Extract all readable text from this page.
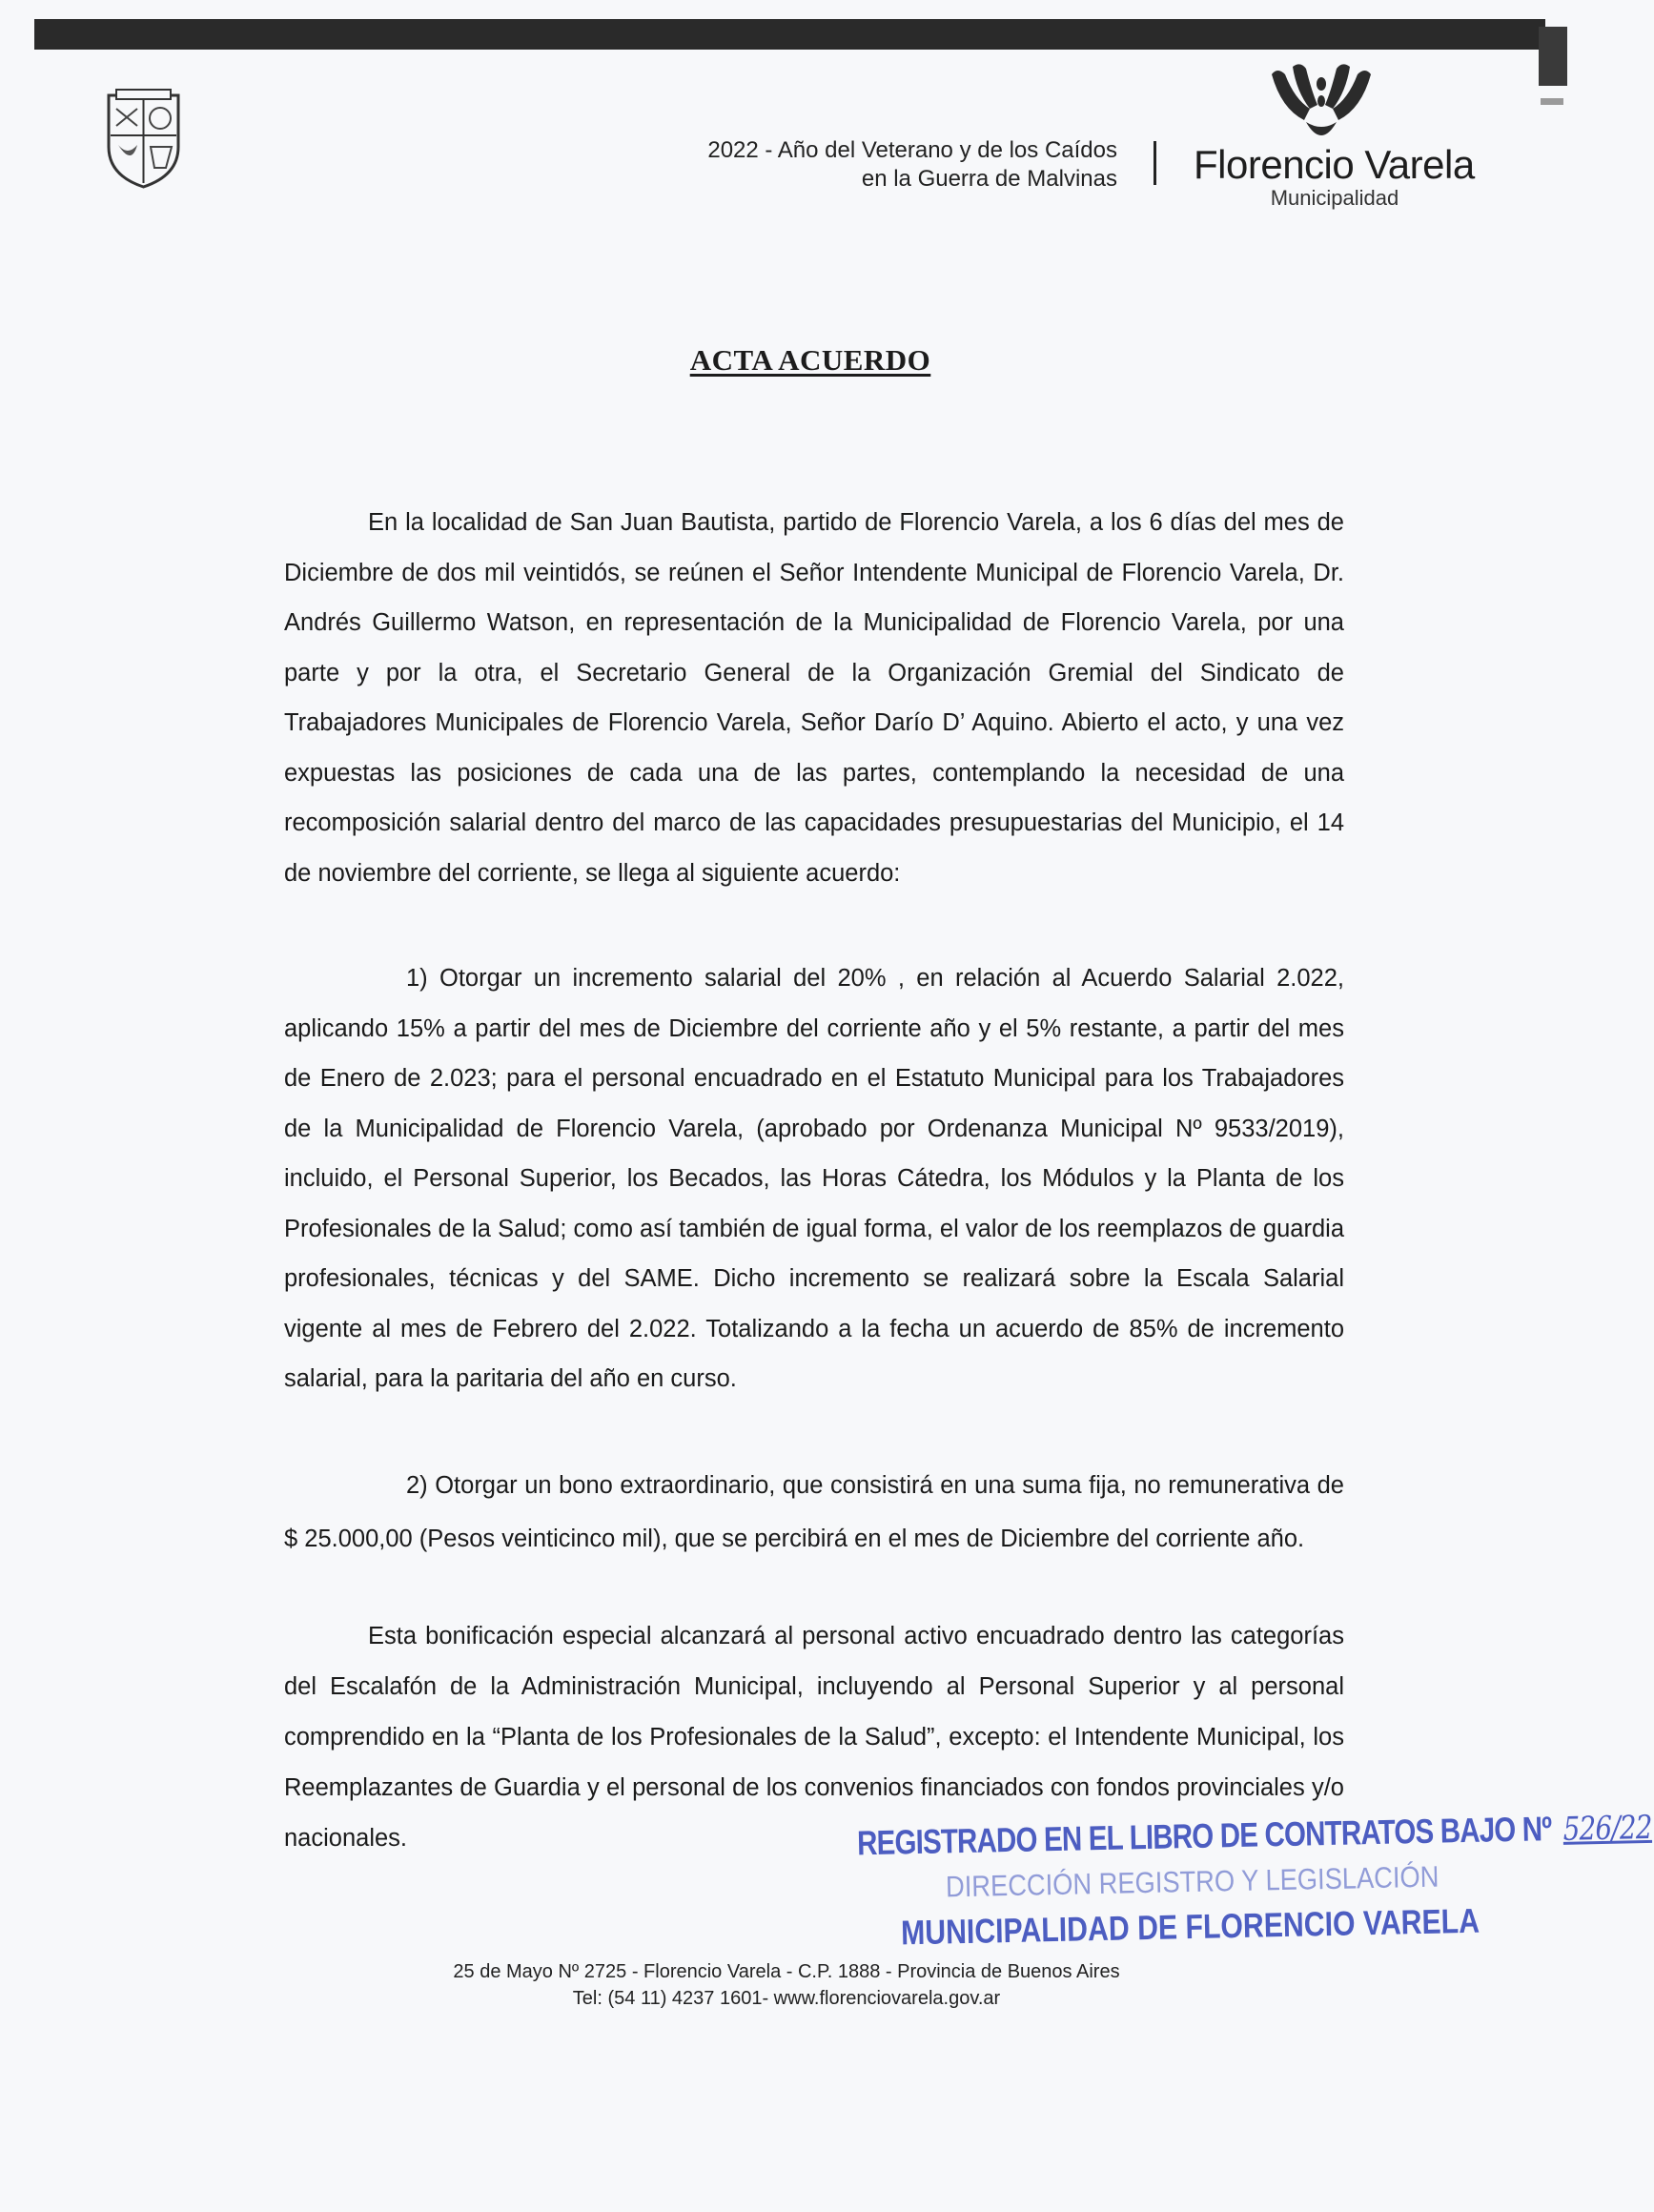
2022 - Año del Veterano y de los Caídos
en la Guerra de Malvinas Florencio Varela
Municipalidad
ACTA ACUERDO
En la localidad de San Juan Bautista, partido de Florencio Varela, a los 6 días del mes de Diciembre de dos mil veintidós, se reúnen el Señor Intendente Municipal de Florencio Varela, Dr. Andrés Guillermo Watson, en representación de la Municipalidad de Florencio Varela, por una parte y por la otra, el Secretario General de la Organización Gremial del Sindicato de Trabajadores Municipales de Florencio Varela, Señor Darío D’ Aquino. Abierto el acto, y una vez expuestas las posiciones de cada una de las partes, contemplando la necesidad de una recomposición salarial dentro del marco de las capacidades presupuestarias del Municipio, el 14 de noviembre del corriente, se llega al siguiente acuerdo:
1) Otorgar un incremento salarial del 20% , en relación al Acuerdo Salarial 2.022, aplicando 15% a partir del mes de Diciembre del corriente año y el 5% restante, a partir del mes de Enero de 2.023; para el personal encuadrado en el Estatuto Municipal para los Trabajadores de la Municipalidad de Florencio Varela, (aprobado por Ordenanza Municipal Nº 9533/2019), incluido, el Personal Superior, los Becados, las Horas Cátedra, los Módulos y la Planta de los Profesionales de la Salud; como así también de igual forma, el valor de los reemplazos de guardia profesionales, técnicas y del SAME. Dicho incremento se realizará sobre la Escala Salarial vigente al mes de Febrero del 2.022. Totalizando a la fecha un acuerdo de 85% de incremento salarial, para la paritaria del año en curso.
2) Otorgar un bono extraordinario, que consistirá en una suma fija, no remunerativa de $ 25.000,00 (Pesos veinticinco mil), que se percibirá en el mes de Diciembre del corriente año.
Esta bonificación especial alcanzará al personal activo encuadrado dentro las categorías del Escalafón de la Administración Municipal, incluyendo al Personal Superior y al personal comprendido en la “Planta de los Profesionales de la Salud”, excepto: el Intendente Municipal, los Reemplazantes de Guardia y el personal de los convenios financiados con fondos provinciales y/o nacionales.	REGISTRADO EN EL LIBRO DE CONTRATOS BAJO Nº 526/22
DIRECCIÓN REGISTRO Y LEGISLACIÓN
MUNICIPALIDAD DE FLORENCIO VARELA
25 de Mayo Nº 2725 - Florencio Varela - C.P. 1888 - Provincia de Buenos Aires
Tel: (54 11) 4237 1601- www.florenciovarela.gov.ar
